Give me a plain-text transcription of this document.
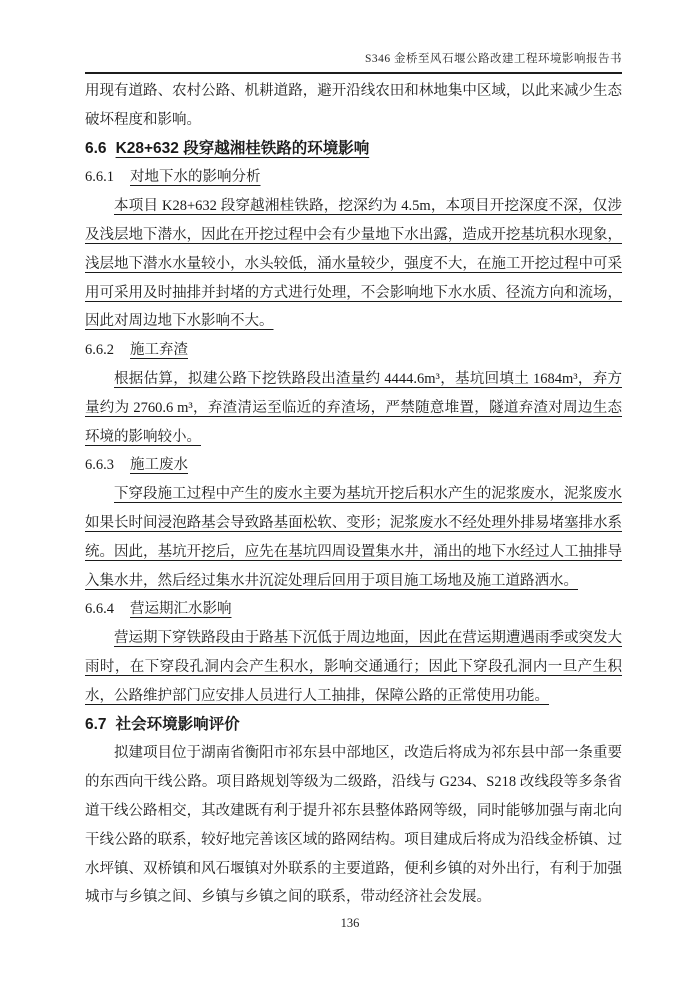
S346 金桥至风石堰公路改建工程环境影响报告书

用现有道路、农村公路、机耕道路，避开沿线农田和林地集中区域，以此来减少生态破坏程度和影响。

6.6 K28+632 段穿越湘桂铁路的环境影响
6.6.1 对地下水的影响分析

本项目 K28+632 段穿越湘桂铁路，挖深约为 4.5m，本项目开挖深度不深，仅涉及浅层地下潜水，因此在开挖过程中会有少量地下水出露，造成开挖基坑积水现象，浅层地下潜水水量较小，水头较低，涌水量较少，强度不大，在施工开挖过程中可采用可采用及时抽排并封堵的方式进行处理，不会影响地下水水质、径流方向和流场，因此对周边地下水影响不大。

6.6.2 施工弃渣

根据估算，拟建公路下挖铁路段出渣量约 4444.6m³，基坑回填土 1684m³，弃方量约为 2760.6 m³，弃渣清运至临近的弃渣场，严禁随意堆置，隧道弃渣对周边生态环境的影响较小。

6.6.3 施工废水

下穿段施工过程中产生的废水主要为基坑开挖后积水产生的泥浆废水，泥浆废水如果长时间浸泡路基会导致路基面松软、变形；泥浆废水不经处理外排易堵塞排水系统。因此，基坑开挖后，应先在基坑四周设置集水井，涌出的地下水经过人工抽排导入集水井，然后经过集水井沉淀处理后回用于项目施工场地及施工道路洒水。

6.6.4 营运期汇水影响

营运期下穿铁路段由于路基下沉低于周边地面，因此在营运期遭遇雨季或突发大雨时，在下穿段孔洞内会产生积水，影响交通通行；因此下穿段孔洞内一旦产生积水，公路维护部门应安排人员进行人工抽排，保障公路的正常使用功能。

6.7 社会环境影响评价

拟建项目位于湖南省衡阳市祁东县中部地区，改造后将成为祁东县中部一条重要的东西向干线公路。项目路规划等级为二级路，沿线与 G234、S218 改线段等多条省道干线公路相交，其改建既有利于提升祁东县整体路网等级，同时能够加强与南北向干线公路的联系，较好地完善该区域的路网结构。项目建成后将成为沿线金桥镇、过水坪镇、双桥镇和风石堰镇对外联系的主要道路，便利乡镇的对外出行，有利于加强城市与乡镇之间、乡镇与乡镇之间的联系，带动经济社会发展。

136
